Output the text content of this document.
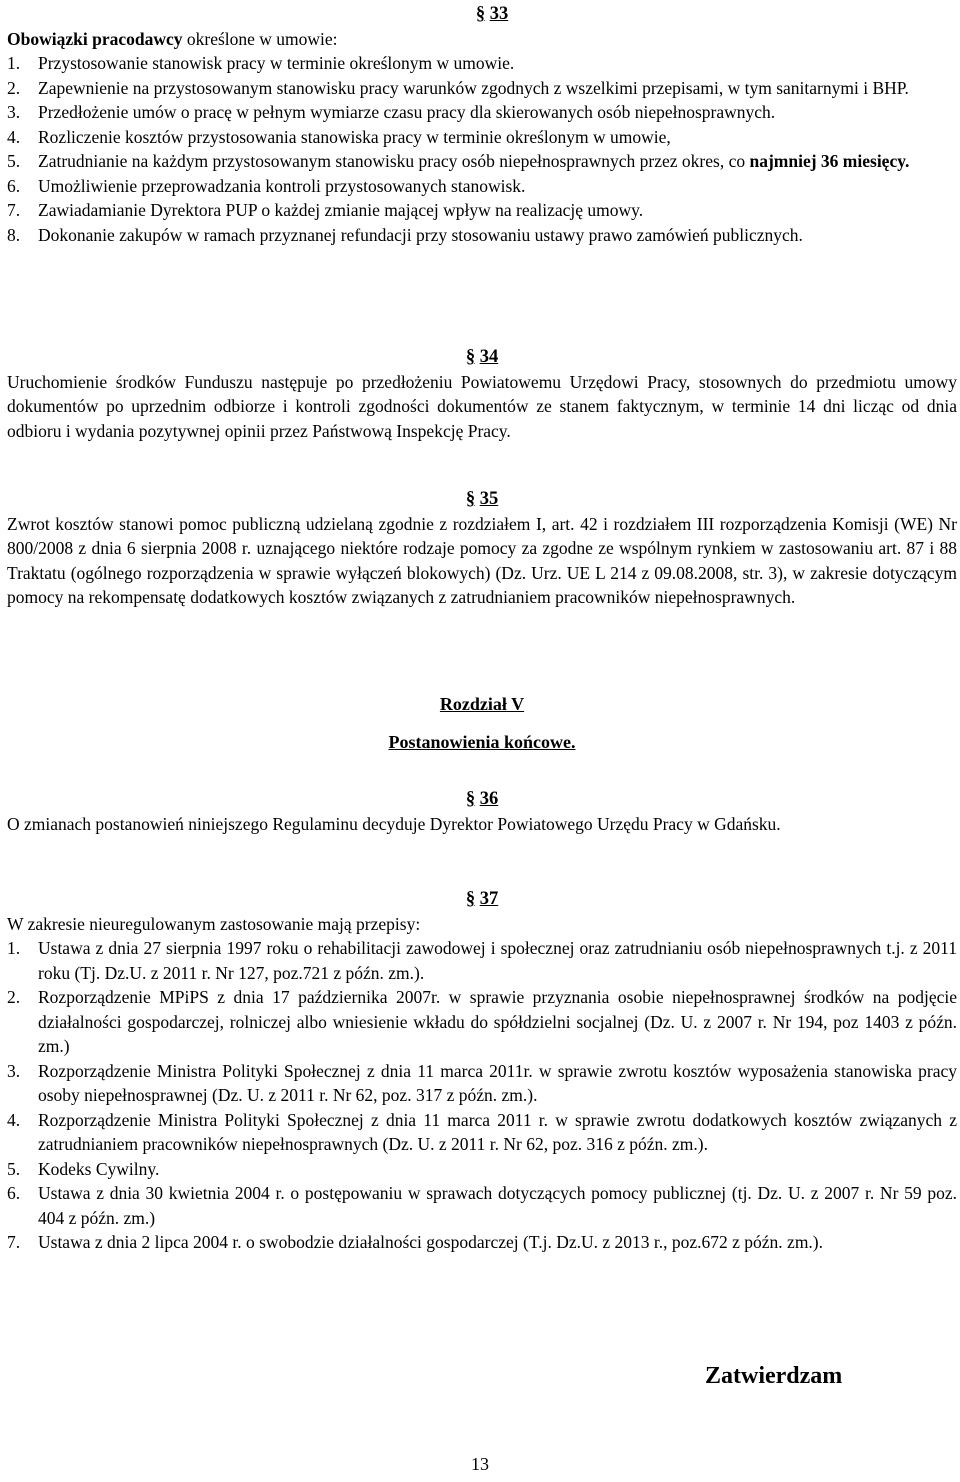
§ 33

Obowiązki pracodawcy określone w umowie:

1.	Przystosowanie stanowisk pracy w terminie określonym w umowie.
2.	Zapewnienie na przystosowanym stanowisku pracy warunków zgodnych z wszelkimi przepisami, w tym sanitarnymi i BHP.
3.	Przedłożenie umów o pracę w pełnym wymiarze czasu pracy dla skierowanych osób niepełnosprawnych.
4.	Rozliczenie kosztów przystosowania stanowiska pracy w terminie określonym w umowie,
5.	Zatrudnianie na każdym przystosowanym stanowisku pracy osób niepełnosprawnych przez okres, co najmniej 36 miesięcy.
6.	Umożliwienie przeprowadzania kontroli przystosowanych stanowisk.
7.	Zawiadamianie Dyrektora PUP o każdej zmianie mającej wpływ na realizację umowy.
8.	Dokonanie zakupów w ramach przyznanej refundacji przy stosowaniu ustawy prawo zamówień publicznych.

§ 34

Uruchomienie środków Funduszu następuje po przedłożeniu Powiatowemu Urzędowi Pracy, stosownych do przedmiotu umowy dokumentów po uprzednim odbiorze i kontroli zgodności dokumentów ze stanem faktycznym, w terminie 14 dni licząc od dnia odbioru i wydania pozytywnej opinii przez Państwową Inspekcję Pracy.

§ 35

Zwrot kosztów stanowi pomoc publiczną udzielaną zgodnie z rozdziałem I, art. 42 i rozdziałem III rozporządzenia Komisji (WE) Nr 800/2008 z dnia 6 sierpnia 2008 r. uznającego niektóre rodzaje pomocy za zgodne ze wspólnym rynkiem w zastosowaniu art. 87 i 88 Traktatu (ogólnego rozporządzenia w sprawie wyłączeń blokowych) (Dz. Urz. UE L 214 z 09.08.2008, str. 3), w zakresie dotyczącym pomocy na rekompensatę dodatkowych kosztów związanych z zatrudnianiem pracowników niepełnosprawnych.

Rozdział V

Postanowienia końcowe.

§ 36

O zmianach postanowień niniejszego Regulaminu decyduje Dyrektor Powiatowego Urzędu Pracy w Gdańsku.

§ 37

W zakresie nieuregulowanym zastosowanie mają przepisy:

1.	Ustawa z dnia 27 sierpnia 1997 roku o rehabilitacji zawodowej i społecznej oraz zatrudnianiu osób niepełnosprawnych t.j. z 2011 roku (Tj. Dz.U. z 2011 r. Nr 127, poz.721 z późn. zm.).
2.	Rozporządzenie MPiPS z dnia 17 października 2007r. w sprawie przyznania osobie niepełnosprawnej środków na podjęcie działalności gospodarczej, rolniczej albo wniesienie wkładu do spółdzielni socjalnej (Dz. U. z 2007 r. Nr 194, poz 1403 z późn. zm.)
3.	Rozporządzenie Ministra Polityki Społecznej z dnia 11 marca 2011r. w sprawie zwrotu kosztów wyposażenia stanowiska pracy osoby niepełnosprawnej (Dz. U. z 2011 r. Nr 62, poz. 317 z późn. zm.).
4.	Rozporządzenie Ministra Polityki Społecznej z dnia 11 marca 2011 r. w sprawie zwrotu dodatkowych kosztów związanych z zatrudnianiem pracowników niepełnosprawnych (Dz. U. z 2011 r. Nr 62, poz. 316 z późn. zm.).
5.	Kodeks Cywilny.
6.	Ustawa z dnia 30 kwietnia 2004 r. o postępowaniu w sprawach dotyczących pomocy publicznej (tj. Dz. U. z 2007 r. Nr 59 poz. 404 z późn. zm.)
7.	Ustawa z dnia 2 lipca 2004 r. o swobodzie działalności gospodarczej (T.j. Dz.U. z 2013 r., poz.672 z późn. zm.).
Zatwierdzam
13
